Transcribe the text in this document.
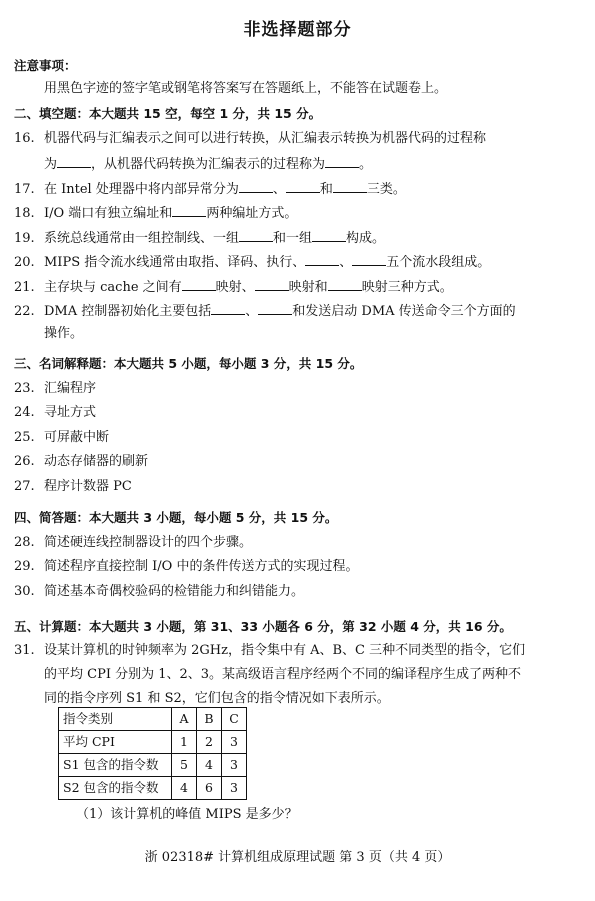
非选择题部分
注意事项：
用黑色字迹的签字笔或钢笔将答案写在答题纸上，不能答在试题卷上。
二、填空题：本大题共 15 空，每空 1 分，共 15 分。
16. 机器代码与汇编表示之间可以进行转换，从汇编表示转换为机器代码的过程称
为	，从机器代码转换为汇编表示的过程称为	。
17. 在 Intel 处理器中将内部异常分为	、	和	三类。
18. I/O 端口有独立编址和	两种编址方式。
19. 系统总线通常由一组控制线、一组	和一组	构成。
20. MIPS 指令流水线通常由取指、译码、执行、	、	五个流水段组成。
21. 主存块与 cache 之间有	映射、	映射和	映射三种方式。
22. DMA 控制器初始化主要包括	、	和发送启动 DMA 传送命令三个方面的
操作。
三、名词解释题：本大题共 5 小题，每小题 3 分，共 15 分。
23. 汇编程序
24. 寻址方式
25. 可屏蔽中断
26. 动态存储器的刷新
27. 程序计数器 PC
四、简答题：本大题共 3 小题，每小题 5 分，共 15 分。
28. 简述硬连线控制器设计的四个步骤。
29. 简述程序直接控制 I/O 中的条件传送方式的实现过程。
30. 简述基本奇偶校验码的检错能力和纠错能力。
五、计算题：本大题共 3 小题，第 31、33 小题各 6 分，第 32 小题 4 分，共 16 分。
31. 设某计算机的时钟频率为 2GHz，指令集中有 A、B、C 三种不同类型的指令，它们
的平均 CPI 分别为 1、2、3。某高级语言程序经两个不同的编译程序生成了两种不
同的指令序列 S1 和 S2，它们包含的指令情况如下表所示。
指令类别	A	B	C
平均 CPI	1	2	3
S1 包含的指令数	5	4	3
S2 包含的指令数	4	6	3
（1）该计算机的峰值 MIPS 是多少？
浙 02318# 计算机组成原理试题 第 3 页（共 4 页）
